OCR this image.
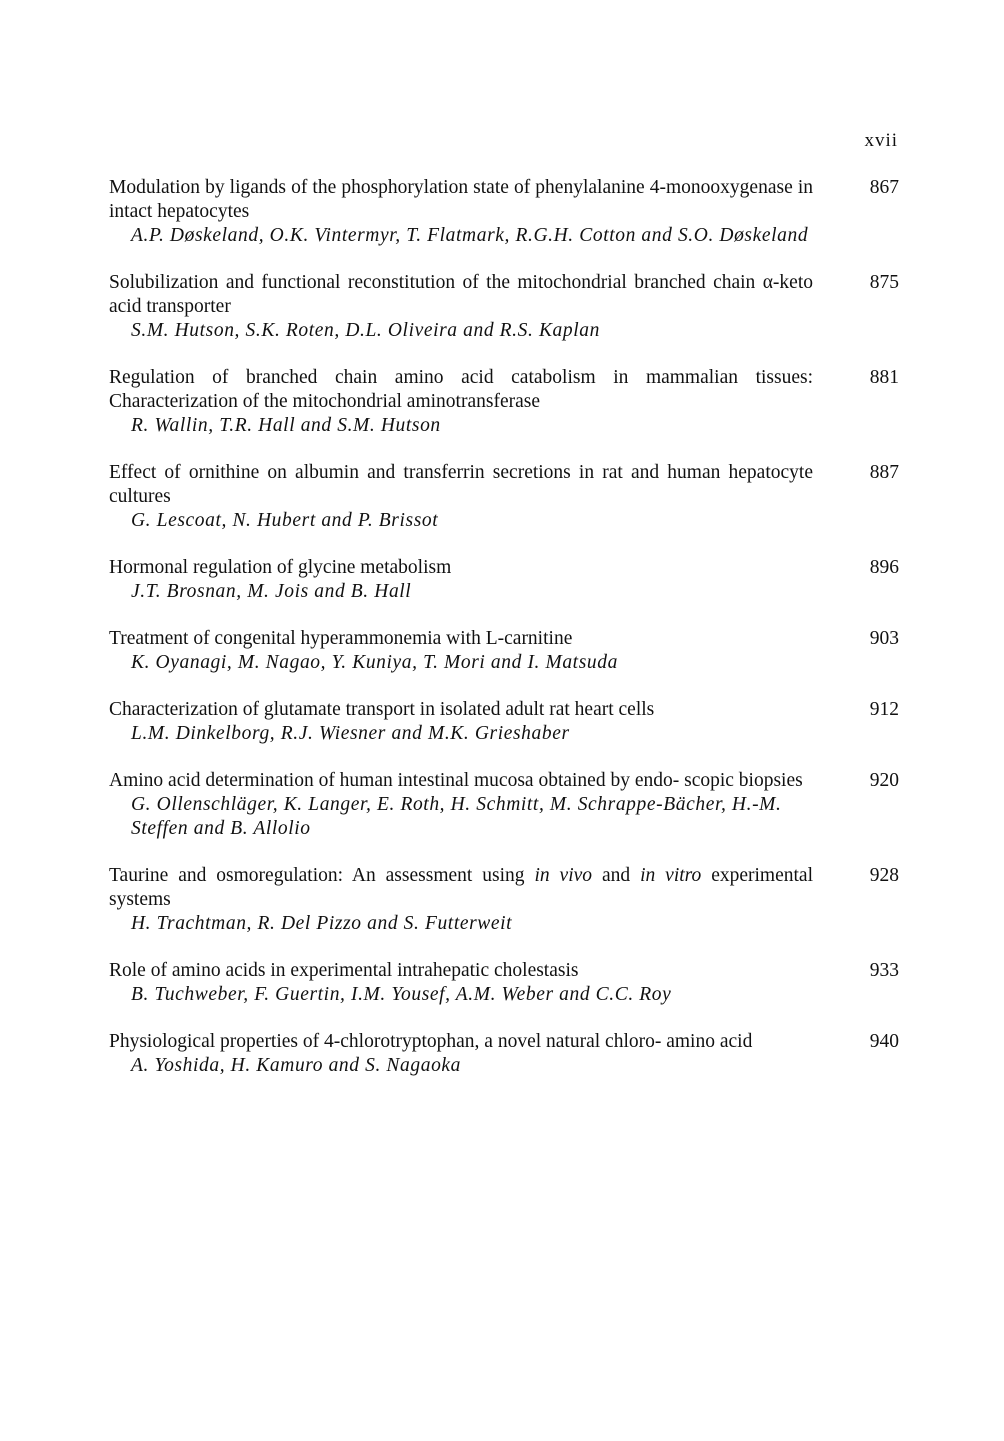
xvii
Modulation by ligands of the phosphorylation state of phenylalanine 4-monooxygenase in intact hepatocytes
A.P. Døskeland, O.K. Vintermyr, T. Flatmark, R.G.H. Cotton and S.O. Døskeland
867
Solubilization and functional reconstitution of the mitochondrial branched chain α-keto acid transporter
S.M. Hutson, S.K. Roten, D.L. Oliveira and R.S. Kaplan
875
Regulation of branched chain amino acid catabolism in mammalian tissues: Characterization of the mitochondrial aminotransferase
R. Wallin, T.R. Hall and S.M. Hutson
881
Effect of ornithine on albumin and transferrin secretions in rat and human hepatocyte cultures
G. Lescoat, N. Hubert and P. Brissot
887
Hormonal regulation of glycine metabolism
J.T. Brosnan, M. Jois and B. Hall
896
Treatment of congenital hyperammonemia with L-carnitine
K. Oyanagi, M. Nagao, Y. Kuniya, T. Mori and I. Matsuda
903
Characterization of glutamate transport in isolated adult rat heart cells
L.M. Dinkelborg, R.J. Wiesner and M.K. Grieshaber
912
Amino acid determination of human intestinal mucosa obtained by endo- scopic biopsies
G. Ollenschläger, K. Langer, E. Roth, H. Schmitt, M. Schrappe-Bächer, H.-M. Steffen and B. Allolio
920
Taurine and osmoregulation: An assessment using in vivo and in vitro experimental systems
H. Trachtman, R. Del Pizzo and S. Futterweit
928
Role of amino acids in experimental intrahepatic cholestasis
B. Tuchweber, F. Guertin, I.M. Yousef, A.M. Weber and C.C. Roy
933
Physiological properties of 4-chlorotryptophan, a novel natural chloro- amino acid
A. Yoshida, H. Kamuro and S. Nagaoka
940
